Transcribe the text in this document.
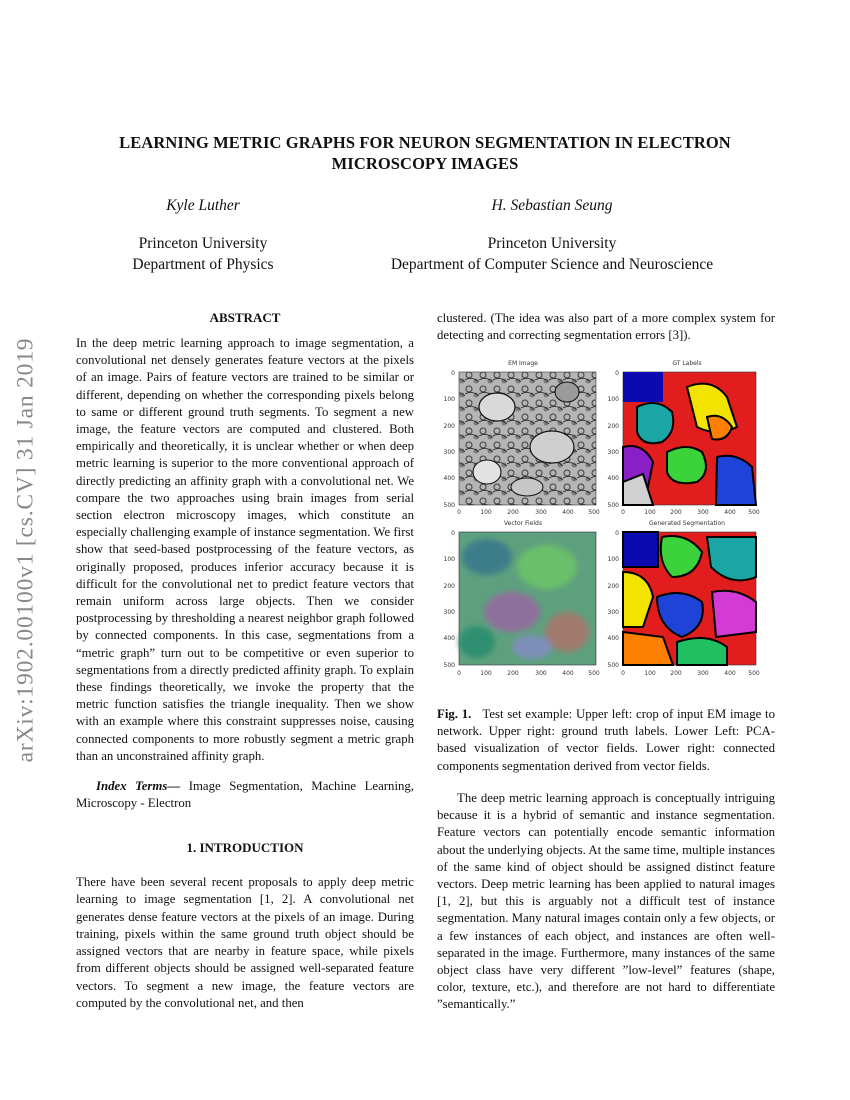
arXiv:1902.00100v1 [cs.CV] 31 Jan 2019
LEARNING METRIC GRAPHS FOR NEURON SEGMENTATION IN ELECTRON
MICROSCOPY IMAGES
Kyle Luther	H. Sebastian Seung
Princeton University
Department of Physics
Princeton University
Department of Computer Science and Neuroscience
ABSTRACT

In the deep metric learning approach to image segmentation, a convolutional net densely generates feature vectors at the pixels of an image. Pairs of feature vectors are trained to be similar or different, depending on whether the corresponding pixels belong to same or different ground truth segments. To segment a new image, the feature vectors are computed and clustered. Both empirically and theoretically, it is unclear whether or when deep metric learning is superior to the more conventional approach of directly predicting an affinity graph with a convolutional net. We compare the two approaches using brain images from serial section electron microscopy images, which constitute an especially challenging example of instance segmentation. We first show that seed-based postprocessing of the feature vectors, as originally proposed, produces inferior accuracy because it is difficult for the convolutional net to predict feature vectors that remain uniform across large objects. Then we consider postprocessing by thresholding a nearest neighbor graph followed by connected components. In this case, segmentations from a “metric graph” turn out to be competitive or even superior to segmentations from a directly predicted affinity graph. To explain these findings theoretically, we invoke the property that the metric function satisfies the triangle inequality. Then we show with an example where this constraint suppresses noise, causing connected components to more robustly segment a metric graph than an unconstrained affinity graph.

Index Terms— Image Segmentation, Machine Learning, Microscopy - Electron

1. INTRODUCTION

There have been several recent proposals to apply deep metric learning to image segmentation [1, 2]. A convolutional net generates dense feature vectors at the pixels of an image. During training, pixels within the same ground truth object should be assigned vectors that are nearby in feature space, while pixels from different objects should be assigned well-separated feature vectors. To segment a new image, the feature vectors are computed by the convolutional net, and then

clustered. (The idea was also part of a more complex system for detecting and correcting segmentation errors [3]).

EM Image	GT Labels
Vector Fields	Generated Segmentation
0
100
200
300
400
500
0
100
200
300
400
500
0	100	200	300	400 500	0	100 200	300	400 500
0
100
200
300
400
500
0
100
200
300
400
500
0	100	200	300	400 500	0	100 200	300	400 500

Fig. 1. Test set example: Upper left: crop of input EM image to network. Upper right: ground truth labels. Lower Left: PCA-based visualization of vector fields. Lower right: connected components segmentation derived from vector fields.

The deep metric learning approach is conceptually intriguing because it is a hybrid of semantic and instance segmentation. Feature vectors can potentially encode semantic information about the underlying objects. At the same time, multiple instances of the same kind of object should be assigned distinct feature vectors. Deep metric learning has been applied to natural images [1, 2], but this is arguably not a difficult test of instance segmentation. Many natural images contain only a few objects, or a few instances of each object, and instances are often well-separated in the image. Furthermore, many instances of the same object class have very different ”low-level” features (shape, color, texture, etc.), and therefore are not hard to differentiate ”semantically.”
